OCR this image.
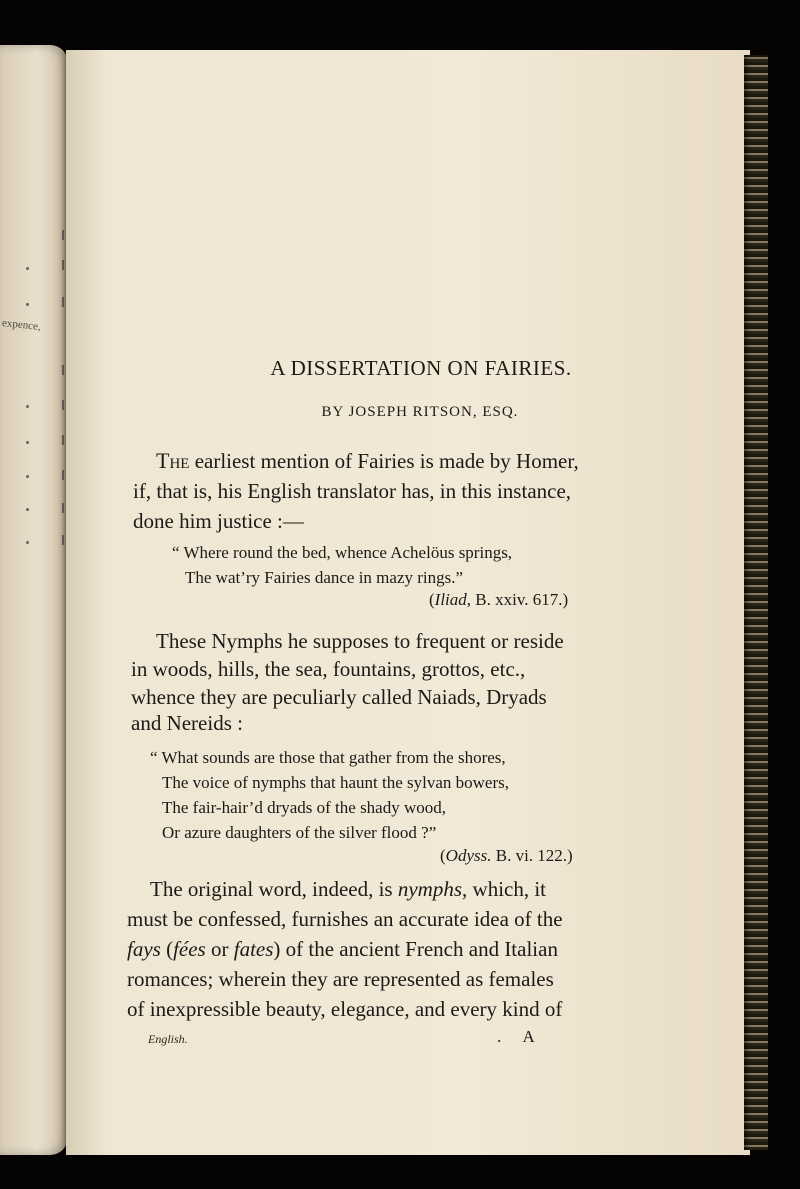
expence,
A DISSERTATION ON FAIRIES.
BY JOSEPH RITSON, ESQ.
The earliest mention of Fairies is made by Homer,
if, that is, his English translator has, in this instance,
done him justice :—
“ Where round the bed, whence Achelöus springs,
The wat’ry Fairies dance in mazy rings.”
(Iliad, B. xxiv. 617.)
These Nymphs he supposes to frequent or reside
in woods, hills, the sea, fountains, grottos, etc.,
whence they are peculiarly called Naiads, Dryads
and Nereids :
“ What sounds are those that gather from the shores,
The voice of nymphs that haunt the sylvan bowers,
The fair-hair’d dryads of the shady wood,
Or azure daughters of the silver flood ?”
(Odyss. B. vi. 122.)
The original word, indeed, is nymphs, which, it
must be confessed, furnishes an accurate idea of the
fays (fées or fates) of the ancient French and Italian
romances; wherein they are represented as females
of inexpressible beauty, elegance, and every kind of
English.	. A
